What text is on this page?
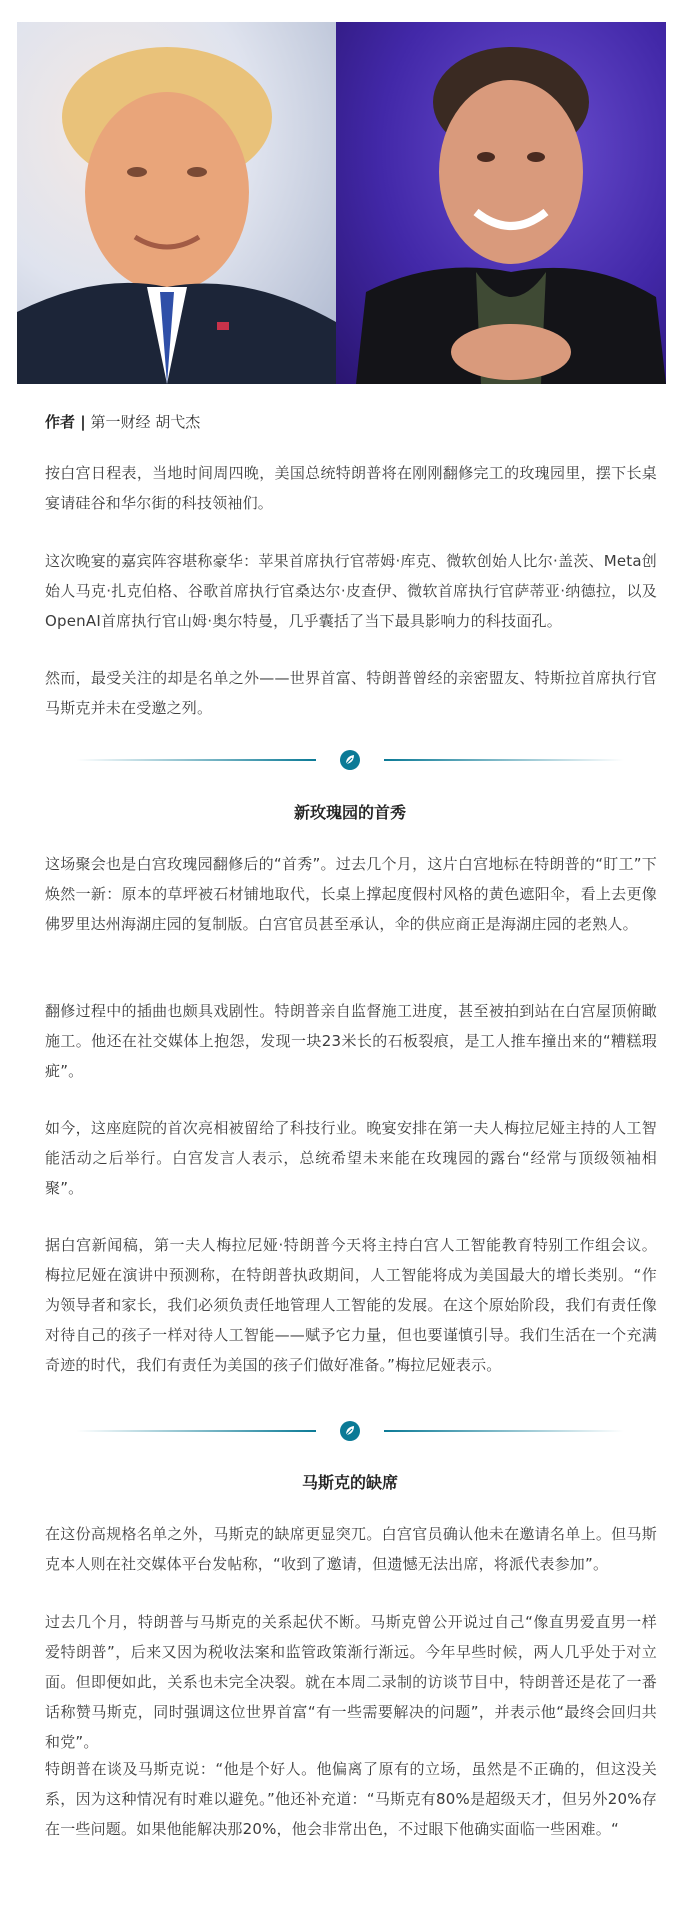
作者 | 第一财经 胡弋杰

按白宫日程表，当地时间周四晚，美国总统特朗普将在刚刚翻修完工的玫瑰园里，摆下长桌宴请硅谷和华尔街的科技领袖们。

这次晚宴的嘉宾阵容堪称豪华：苹果首席执行官蒂姆·库克、微软创始人比尔·盖茨、Meta创始人马克·扎克伯格、谷歌首席执行官桑达尔·皮查伊、微软首席执行官萨蒂亚·纳德拉，以及 OpenAI首席执行官山姆·奥尔特曼，几乎囊括了当下最具影响力的科技面孔。

然而，最受关注的却是名单之外——世界首富、特朗普曾经的亲密盟友、特斯拉首席执行官马斯克并未在受邀之列。

新玫瑰园的首秀

这场聚会也是白宫玫瑰园翻修后的“首秀”。过去几个月，这片白宫地标在特朗普的“盯工”下焕然一新：原本的草坪被石材铺地取代，长桌上撑起度假村风格的黄色遮阳伞，看上去更像佛罗里达州海湖庄园的复制版。白宫官员甚至承认，伞的供应商正是海湖庄园的老熟人。

翻修过程中的插曲也颇具戏剧性。特朗普亲自监督施工进度，甚至被拍到站在白宫屋顶俯瞰施工。他还在社交媒体上抱怨，发现一块23米长的石板裂痕，是工人推车撞出来的“糟糕瑕疵”。

如今，这座庭院的首次亮相被留给了科技行业。晚宴安排在第一夫人梅拉尼娅主持的人工智能活动之后举行。白宫发言人表示，总统希望未来能在玫瑰园的露台“经常与顶级领袖相聚”。

据白宫新闻稿，第一夫人梅拉尼娅·特朗普今天将主持白宫人工智能教育特别工作组会议。梅拉尼娅在演讲中预测称，在特朗普执政期间，人工智能将成为美国最大的增长类别。“作为领导者和家长，我们必须负责任地管理人工智能的发展。在这个原始阶段，我们有责任像对待自己的孩子一样对待人工智能——赋予它力量，但也要谨慎引导。我们生活在一个充满奇迹的时代，我们有责任为美国的孩子们做好准备。”梅拉尼娅表示。

马斯克的缺席

在这份高规格名单之外，马斯克的缺席更显突兀。白宫官员确认他未在邀请名单上。但马斯克本人则在社交媒体平台发帖称，“收到了邀请，但遗憾无法出席，将派代表参加”。

过去几个月，特朗普与马斯克的关系起伏不断。马斯克曾公开说过自己“像直男爱直男一样爱特朗普”，后来又因为税收法案和监管政策渐行渐远。今年早些时候，两人几乎处于对立面。但即便如此，关系也未完全决裂。就在本周二录制的访谈节目中，特朗普还是花了一番话称赞马斯克，同时强调这位世界首富“有一些需要解决的问题”，并表示他“最终会回归共和党”。

特朗普在谈及马斯克说：“他是个好人。他偏离了原有的立场，虽然是不正确的，但这没关系，因为这种情况有时难以避免。”他还补充道：“马斯克有80%是超级天才，但另外20%存在一些问题。如果他能解决那20%，他会非常出色，不过眼下他确实面临一些困难。“
